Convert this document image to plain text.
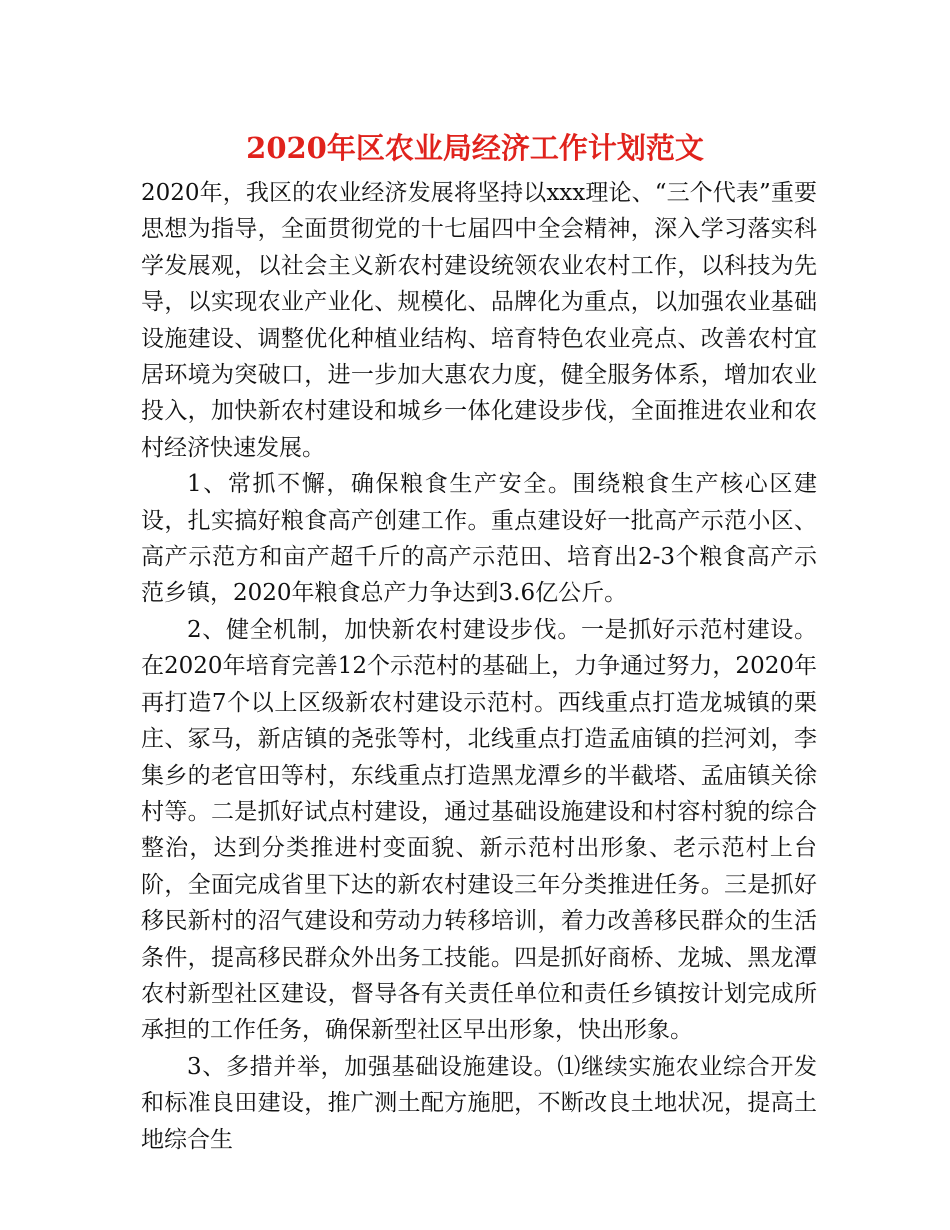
2020年区农业局经济工作计划范文

2020年，我区的农业经济发展将坚持以xxx理论、“三个代表”重要思想为指导，全面贯彻党的十七届四中全会精神，深入学习落实科学发展观，以社会主义新农村建设统领农业农村工作，以科技为先导，以实现农业产业化、规模化、品牌化为重点，以加强农业基础设施建设、调整优化种植业结构、培育特色农业亮点、改善农村宜居环境为突破口，进一步加大惠农力度，健全服务体系，增加农业投入，加快新农村建设和城乡一体化建设步伐，全面推进农业和农村经济快速发展。

1、常抓不懈，确保粮食生产安全。围绕粮食生产核心区建设，扎实搞好粮食高产创建工作。重点建设好一批高产示范小区、高产示范方和亩产超千斤的高产示范田、培育出2-3个粮食高产示范乡镇，2020年粮食总产力争达到3.6亿公斤。

2、健全机制，加快新农村建设步伐。一是抓好示范村建设。在2020年培育完善12个示范村的基础上，力争通过努力，2020年再打造7个以上区级新农村建设示范村。西线重点打造龙城镇的栗庄、冢马，新店镇的尧张等村，北线重点打造孟庙镇的拦河刘，李集乡的老官田等村，东线重点打造黑龙潭乡的半截塔、孟庙镇关徐村等。二是抓好试点村建设，通过基础设施建设和村容村貌的综合整治，达到分类推进村变面貌、新示范村出形象、老示范村上台阶，全面完成省里下达的新农村建设三年分类推进任务。三是抓好移民新村的沼气建设和劳动力转移培训，着力改善移民群众的生活条件，提高移民群众外出务工技能。四是抓好商桥、龙城、黑龙潭农村新型社区建设，督导各有关责任单位和责任乡镇按计划完成所承担的工作任务，确保新型社区早出形象，快出形象。

3、多措并举，加强基础设施建设。⑴继续实施农业综合开发和标准良田建设，推广测土配方施肥，不断改良土地状况，提高土地综合生
